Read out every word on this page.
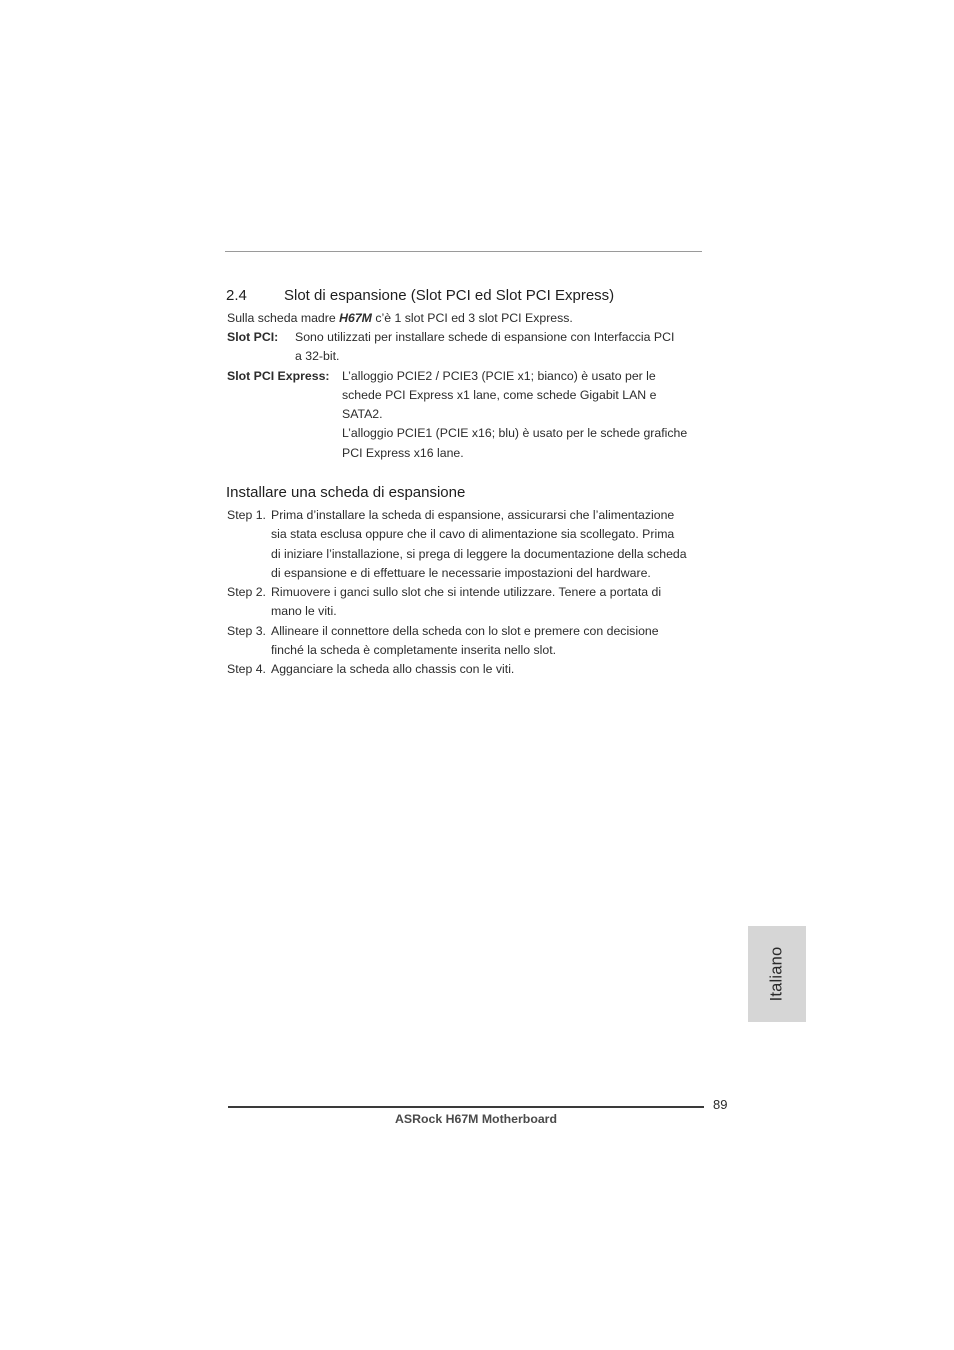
2.4 Slot di espansione (Slot PCI ed Slot PCI Express)
Sulla scheda madre H67M c’è 1 slot PCI ed 3 slot PCI Express.
Slot PCI: Sono utilizzati per installare schede di espansione con Interfaccia PCI
a 32-bit.
Slot PCI Express: L’alloggio PCIE2 / PCIE3 (PCIE x1; bianco) è usato per le
schede PCI Express x1 lane, come schede Gigabit LAN e
SATA2.
L’alloggio PCIE1 (PCIE x16; blu) è usato per le schede grafiche
PCI Express x16 lane.
Installare una scheda di espansione
Step 1. Prima d’installare la scheda di espansione, assicurarsi che l’alimentazione
sia stata esclusa oppure che il cavo di alimentazione sia scollegato. Prima
di iniziare l’installazione, si prega di leggere la documentazione della scheda
di espansione e di effettuare le necessarie impostazioni del hardware.
Step 2. Rimuovere i ganci sullo slot che si intende utilizzare. Tenere a portata di
mano le viti.
Step 3. Allineare il connettore della scheda con lo slot e premere con decisione
finché la scheda è completamente inserita nello slot.
Step 4. Agganciare la scheda allo chassis con le viti.
Italiano
89
ASRock H67M Motherboard
